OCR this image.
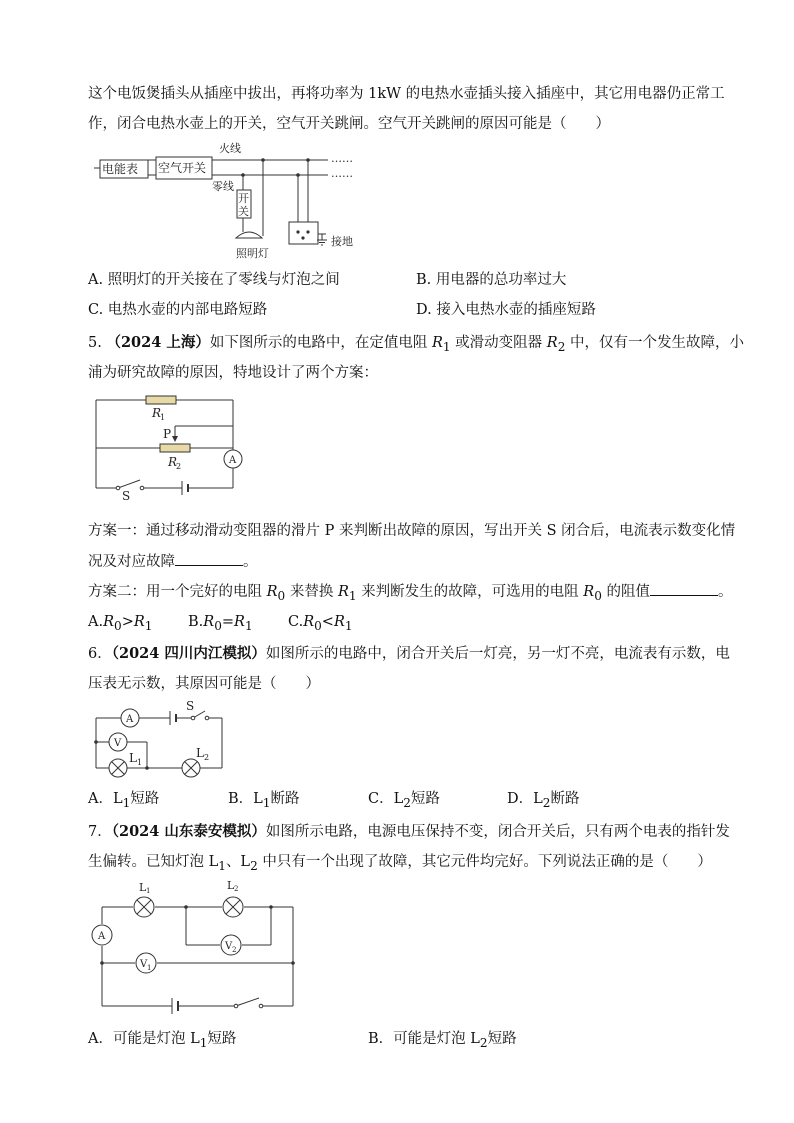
这个电饭煲插头从插座中拔出，再将功率为 1kW 的电热水壶插头接入插座中，其它用电器仍正常工
作，闭合电热水壶上的开关，空气开关跳闸。空气开关跳闸的原因可能是（　　）
电能表 空气开关
火线
零线
开
关
照明灯
接地
……
……
A. 照明灯的开关接在了零线与灯泡之间	B. 用电器的总功率过大
C. 电热水壶的内部电路短路	D. 接入电热水壶的插座短路
5. （2024 上海）如下图所示的电路中，在定值电阻 $R_1$ 或滑动变阻器 $R_2$ 中，仅有一个发生故障，小
浦为研究故障的原因，特地设计了两个方案：
A
R
1
P
R
2
S
方案一：通过移动滑动变阻器的滑片 P 来判断出故障的原因，写出开关 S 闭合后，电流表示数变化情
况及对应故障	。
方案二：用一个完好的电阻 $R_0$ 来替换 $R_1$ 来判断发生的故障，可选用的电阻 $R_0$ 的阻值	。
$A.R_0>R_1$ $B.R_0=R_1$ $C.R_0<R_1$
6．（2024 四川内江模拟）如图所示的电路中，闭合开关后一灯亮，另一灯不亮，电流表有示数，电
压表无示数，其原因可能是（　　）
A
V
S
L 1
L 2
A．$L_1$短路	B．$L_1$断路	C．$L_2$短路	D．$L_2$断路
7．（2024 山东泰安模拟）如图所示电路，电源电压保持不变，闭合开关后，只有两个电表的指针发
生偏转。已知灯泡 $L_1$、$L_2$ 中只有一个出现了故障，其它元件均完好。下列说法正确的是（　　）
L 1	L 2
A
V 2
V 1
A．可能是灯泡 $L_1$短路	B．可能是灯泡 $L_2$短路
